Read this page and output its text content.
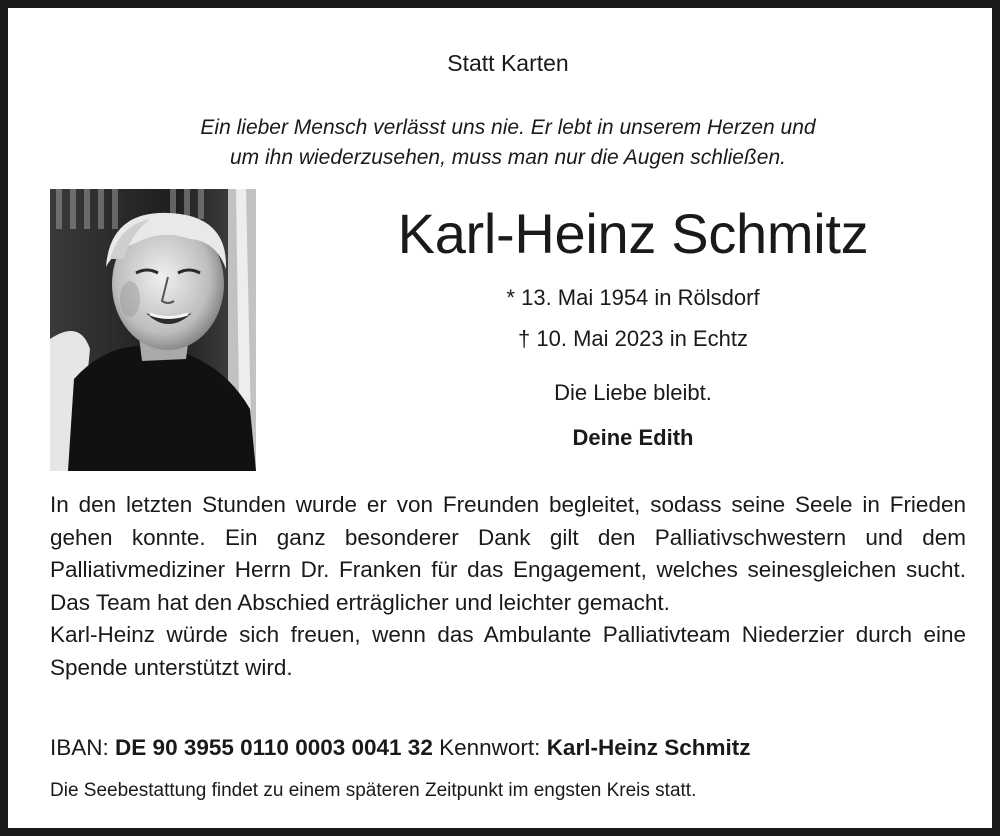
Statt Karten
Ein lieber Mensch verlässt uns nie. Er lebt in unserem Herzen und
um ihn wiederzusehen, muss man nur die Augen schließen.
Karl-Heinz Schmitz
* 13. Mai 1954 in Rölsdorf
† 10. Mai 2023 in Echtz
Die Liebe bleibt.
Deine Edith

In den letzten Stunden wurde er von Freunden begleitet, sodass seine Seele in Frieden gehen konnte. Ein ganz besonderer Dank gilt den Palliativschwestern und dem Palliativmediziner Herrn Dr. Franken für das Engagement, welches seinesgleichen sucht. Das Team hat den Abschied erträglicher und leichter gemacht.

Karl-Heinz würde sich freuen, wenn das Ambulante Palliativteam Niederzier durch eine Spende unterstützt wird.

IBAN: DE 90 3955 0110 0003 0041 32 Kennwort: Karl-Heinz Schmitz
Die Seebestattung findet zu einem späteren Zeitpunkt im engsten Kreis statt.
